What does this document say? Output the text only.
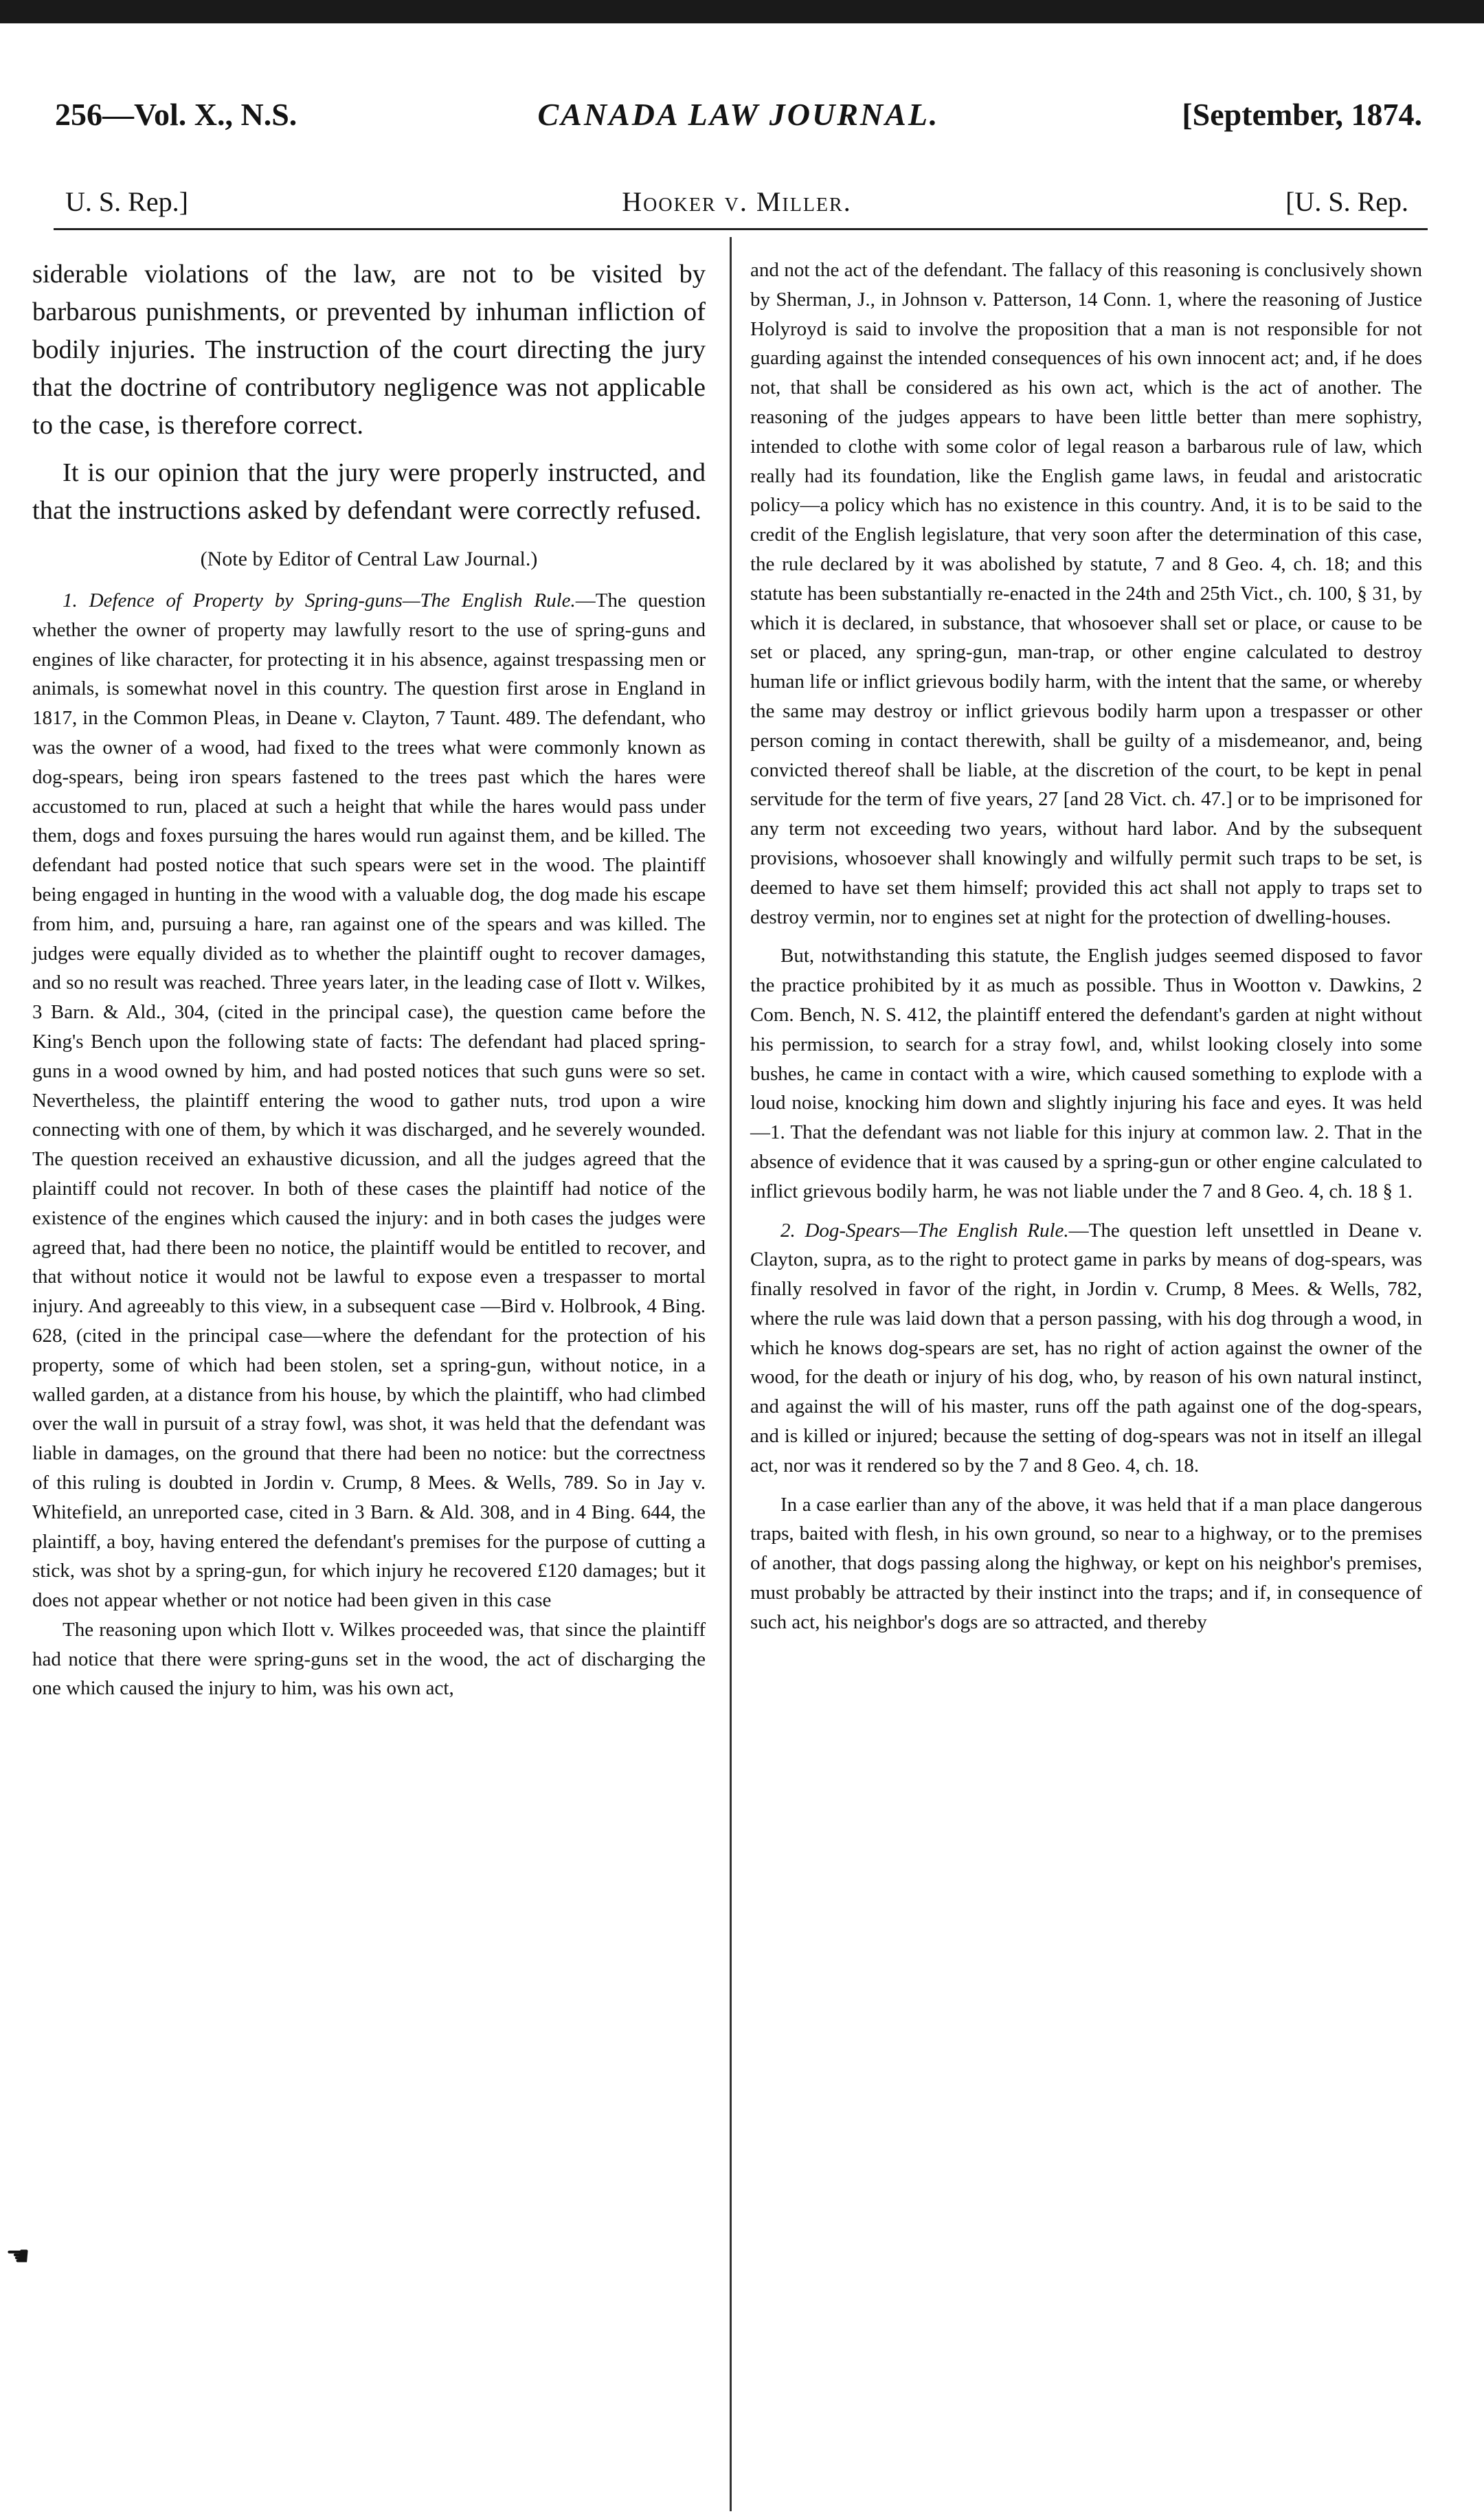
256—Vol. X., N.S.	CANADA LAW JOURNAL.	[September, 1874.
U. S. Rep.]	Hooker v. Miller.	[U. S. Rep.

siderable violations of the law, are not to be visited by barbarous punishments, or prevented by inhuman infliction of bodily injuries. The instruction of the court directing the jury that the doctrine of contributory negligence was not applicable to the case, is therefore correct.

It is our opinion that the jury were properly instructed, and that the instructions asked by defendant were correctly refused.

(Note by Editor of Central Law Journal.)

1. Defence of Property by Spring-guns—The English Rule.—The question whether the owner of property may lawfully resort to the use of spring-guns and engines of like character, for protecting it in his absence, against trespassing men or animals, is somewhat novel in this country. The question first arose in England in 1817, in the Common Pleas, in Deane v. Clayton, 7 Taunt. 489. The defendant, who was the owner of a wood, had fixed to the trees what were commonly known as dog-spears, being iron spears fastened to the trees past which the hares were accustomed to run, placed at such a height that while the hares would pass under them, dogs and foxes pursuing the hares would run against them, and be killed. The defendant had posted notice that such spears were set in the wood. The plaintiff being engaged in hunting in the wood with a valuable dog, the dog made his escape from him, and, pursuing a hare, ran against one of the spears and was killed. The judges were equally divided as to whether the plaintiff ought to recover damages, and so no result was reached. Three years later, in the leading case of Ilott v. Wilkes, 3 Barn. & Ald., 304, (cited in the principal case), the question came before the King's Bench upon the following state of facts: The defendant had placed spring-guns in a wood owned by him, and had posted notices that such guns were so set. Nevertheless, the plaintiff entering the wood to gather nuts, trod upon a wire connecting with one of them, by which it was discharged, and he severely wounded. The question received an exhaustive dicussion, and all the judges agreed that the plaintiff could not recover. In both of these cases the plaintiff had notice of the existence of the engines which caused the injury: and in both cases the judges were agreed that, had there been no notice, the plaintiff would be entitled to recover, and that without notice it would not be lawful to expose even a trespasser to mortal injury. And agreeably to this view, in a subsequent case —Bird v. Holbrook, 4 Bing. 628, (cited in the principal case—where the defendant for the protection of his property, some of which had been stolen, set a spring-gun, without notice, in a walled garden, at a distance from his house, by which the plaintiff, who had climbed over the wall in pursuit of a stray fowl, was shot, it was held that the defendant was liable in damages, on the ground that there had been no notice: but the correctness of this ruling is doubted in Jordin v. Crump, 8 Mees. & Wells, 789. So in Jay v. Whitefield, an unreported case, cited in 3 Barn. & Ald. 308, and in 4 Bing. 644, the plaintiff, a boy, having entered the defendant's premises for the purpose of cutting a stick, was shot by a spring-gun, for which injury he recovered £120 damages; but it does not appear whether or not notice had been given in this case

The reasoning upon which Ilott v. Wilkes proceeded was, that since the plaintiff had notice that there were spring-guns set in the wood, the act of discharging the one which caused the injury to him, was his own act,

and not the act of the defendant. The fallacy of this reasoning is conclusively shown by Sherman, J., in Johnson v. Patterson, 14 Conn. 1, where the reasoning of Justice Holyroyd is said to involve the proposition that a man is not responsible for not guarding against the intended consequences of his own innocent act; and, if he does not, that shall be considered as his own act, which is the act of another. The reasoning of the judges appears to have been little better than mere sophistry, intended to clothe with some color of legal reason a barbarous rule of law, which really had its foundation, like the English game laws, in feudal and aristocratic policy—a policy which has no existence in this country. And, it is to be said to the credit of the English legislature, that very soon after the determination of this case, the rule declared by it was abolished by statute, 7 and 8 Geo. 4, ch. 18; and this statute has been substantially re-enacted in the 24th and 25th Vict., ch. 100, § 31, by which it is declared, in substance, that whosoever shall set or place, or cause to be set or placed, any spring-gun, man-trap, or other engine calculated to destroy human life or inflict grievous bodily harm, with the intent that the same, or whereby the same may destroy or inflict grievous bodily harm upon a trespasser or other person coming in contact therewith, shall be guilty of a misdemeanor, and, being convicted thereof shall be liable, at the discretion of the court, to be kept in penal servitude for the term of five years, 27 [and 28 Vict. ch. 47.] or to be imprisoned for any term not exceeding two years, without hard labor. And by the subsequent provisions, whosoever shall knowingly and wilfully permit such traps to be set, is deemed to have set them himself; provided this act shall not apply to traps set to destroy vermin, nor to engines set at night for the protection of dwelling-houses.

But, notwithstanding this statute, the English judges seemed disposed to favor the practice prohibited by it as much as possible. Thus in Wootton v. Dawkins, 2 Com. Bench, N. S. 412, the plaintiff entered the defendant's garden at night without his permission, to search for a stray fowl, and, whilst looking closely into some bushes, he came in contact with a wire, which caused something to explode with a loud noise, knocking him down and slightly injuring his face and eyes. It was held—1. That the defendant was not liable for this injury at common law. 2. That in the absence of evidence that it was caused by a spring-gun or other engine calculated to inflict grievous bodily harm, he was not liable under the 7 and 8 Geo. 4, ch. 18 § 1.

2. Dog-Spears—The English Rule.—The question left unsettled in Deane v. Clayton, supra, as to the right to protect game in parks by means of dog-spears, was finally resolved in favor of the right, in Jordin v. Crump, 8 Mees. & Wells, 782, where the rule was laid down that a person passing, with his dog through a wood, in which he knows dog-spears are set, has no right of action against the owner of the wood, for the death or injury of his dog, who, by reason of his own natural instinct, and against the will of his master, runs off the path against one of the dog-spears, and is killed or injured; because the setting of dog-spears was not in itself an illegal act, nor was it rendered so by the 7 and 8 Geo. 4, ch. 18.

In a case earlier than any of the above, it was held that if a man place dangerous traps, baited with flesh, in his own ground, so near to a highway, or to the premises of another, that dogs passing along the highway, or kept on his neighbor's premises, must probably be attracted by their instinct into the traps; and if, in consequence of such act, his neighbor's dogs are so attracted, and thereby

☚
